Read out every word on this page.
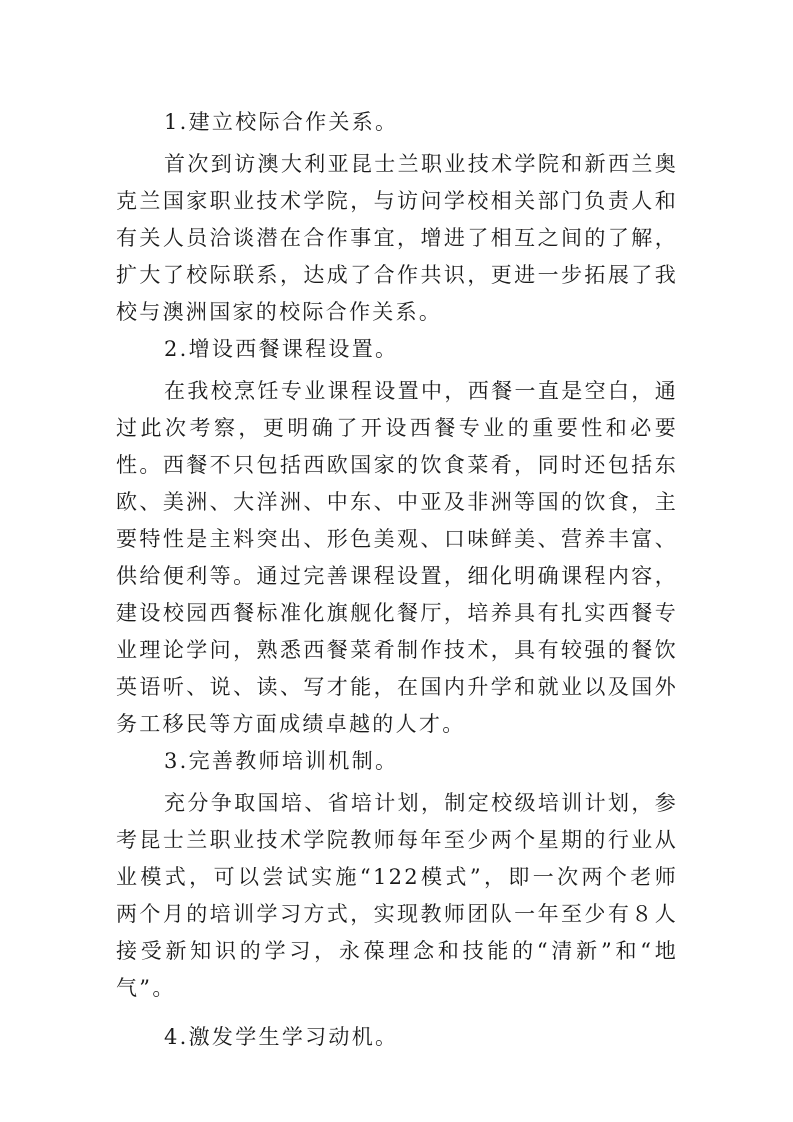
1.建立校际合作关系。

首次到访澳大利亚昆士兰职业技术学院和新西兰奥克兰国家职业技术学院，与访问学校相关部门负责人和有关人员洽谈潜在合作事宜，增进了相互之间的了解，扩大了校际联系，达成了合作共识，更进一步拓展了我校与澳洲国家的校际合作关系。

2.增设西餐课程设置。

在我校烹饪专业课程设置中，西餐一直是空白，通过此次考察，更明确了开设西餐专业的重要性和必要性。西餐不只包括西欧国家的饮食菜肴，同时还包括东欧、美洲、大洋洲、中东、中亚及非洲等国的饮食，主要特性是主料突出、形色美观、口味鲜美、营养丰富、供给便利等。通过完善课程设置，细化明确课程内容，建设校园西餐标准化旗舰化餐厅，培养具有扎实西餐专业理论学问，熟悉西餐菜肴制作技术，具有较强的餐饮英语听、说、读、写才能，在国内升学和就业以及国外务工移民等方面成绩卓越的人才。

3.完善教师培训机制。

充分争取国培、省培计划，制定校级培训计划，参考昆士兰职业技术学院教师每年至少两个星期的行业从业模式，可以尝试实施“122模式”，即一次两个老师两个月的培训学习方式，实现教师团队一年至少有８人接受新知识的学习，永葆理念和技能的“清新”和“地气”。

4.激发学生学习动机。
